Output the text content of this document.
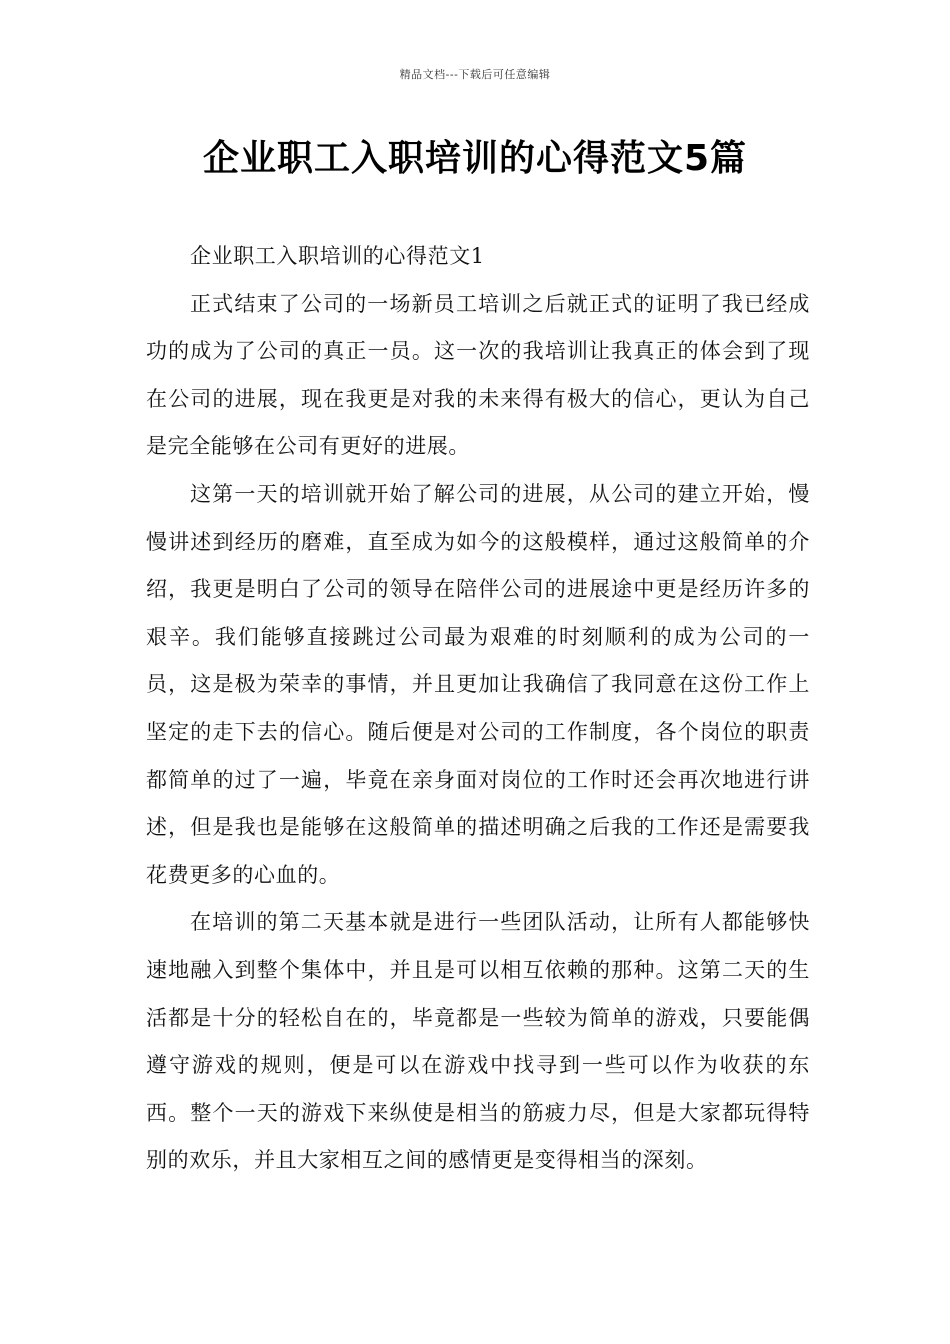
精品文档---下载后可任意编辑
企业职工入职培训的心得范文5篇

企业职工入职培训的心得范文1

正式结束了公司的一场新员工培训之后就正式的证明了我已经成功的成为了公司的真正一员。这一次的我培训让我真正的体会到了现在公司的进展，现在我更是对我的未来得有极大的信心，更认为自己是完全能够在公司有更好的进展。

这第一天的培训就开始了解公司的进展，从公司的建立开始，慢慢讲述到经历的磨难，直至成为如今的这般模样，通过这般简单的介绍，我更是明白了公司的领导在陪伴公司的进展途中更是经历许多的艰辛。我们能够直接跳过公司最为艰难的时刻顺利的成为公司的一员，这是极为荣幸的事情，并且更加让我确信了我同意在这份工作上坚定的走下去的信心。随后便是对公司的工作制度，各个岗位的职责都简单的过了一遍，毕竟在亲身面对岗位的工作时还会再次地进行讲述，但是我也是能够在这般简单的描述明确之后我的工作还是需要我花费更多的心血的。

在培训的第二天基本就是进行一些团队活动，让所有人都能够快速地融入到整个集体中，并且是可以相互依赖的那种。这第二天的生活都是十分的轻松自在的，毕竟都是一些较为简单的游戏，只要能偶遵守游戏的规则，便是可以在游戏中找寻到一些可以作为收获的东西。整个一天的游戏下来纵使是相当的筋疲力尽，但是大家都玩得特别的欢乐，并且大家相互之间的感情更是变得相当的深刻。
